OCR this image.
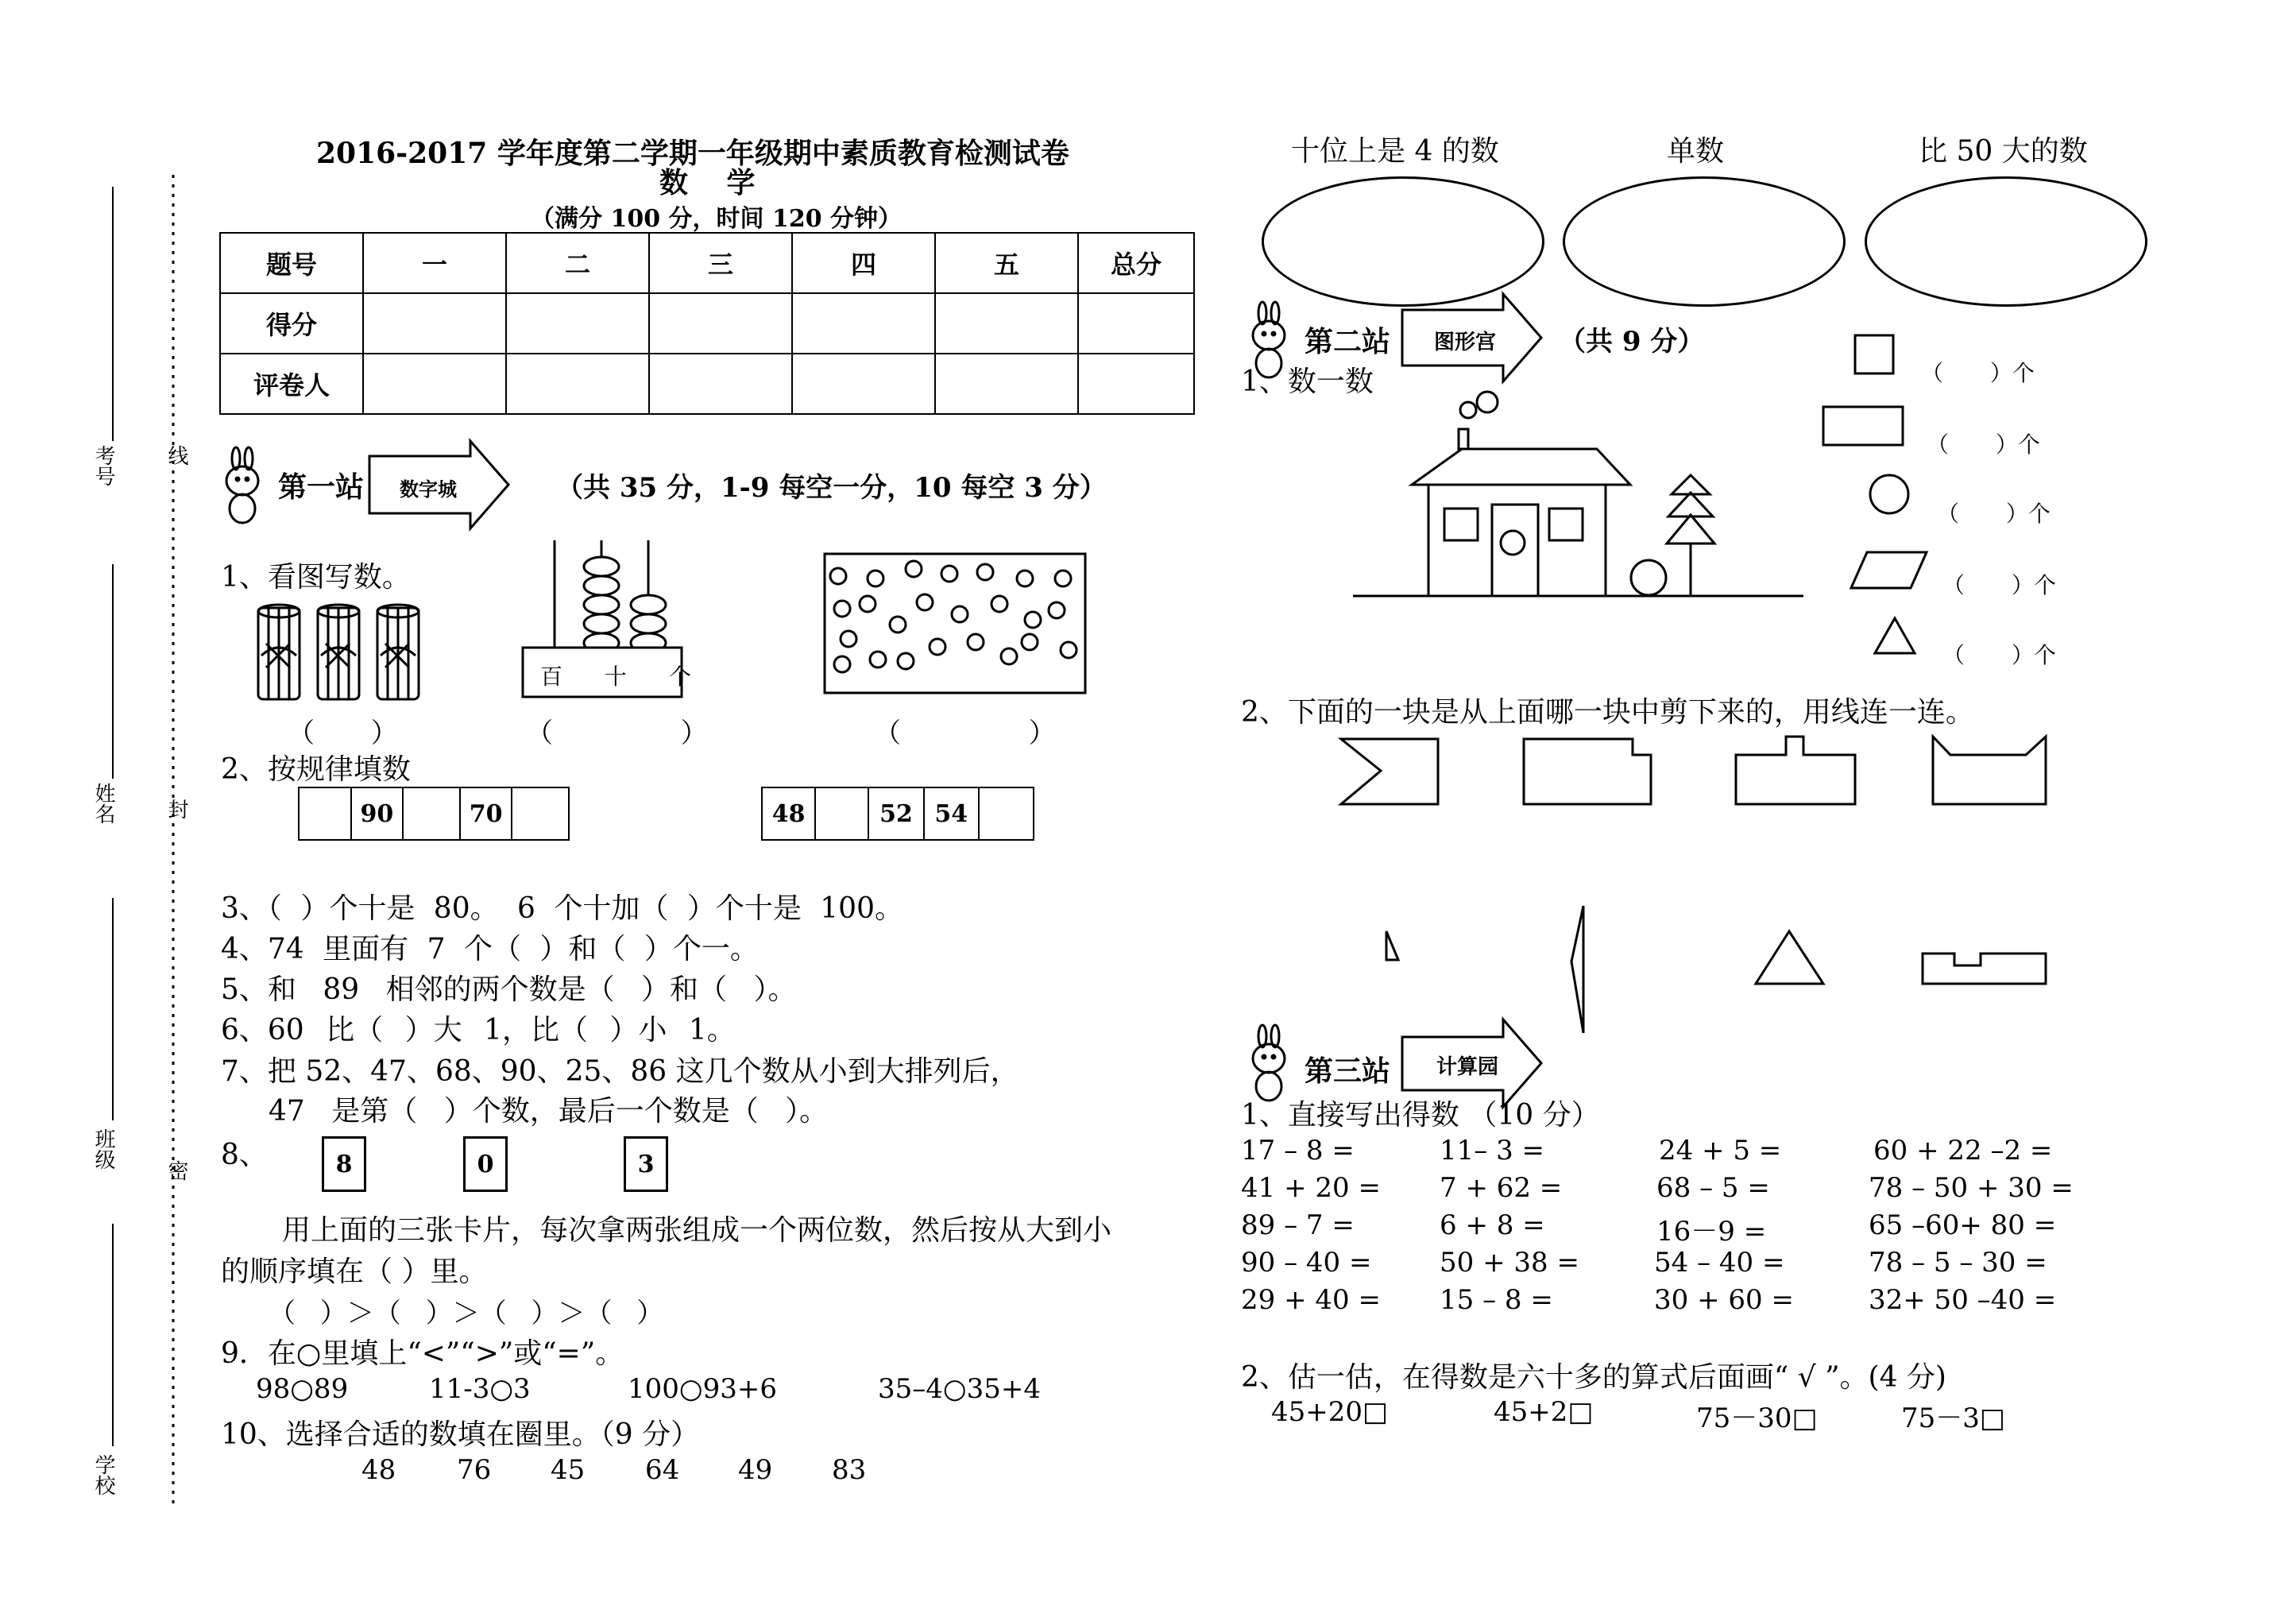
考号
姓名
班级
学校
线
封
密
2016-2017 学年度第二学期一年级期中素质教育检测试卷
数 学
（满分 100 分，时间 120 分钟）
题号	一	二	三	四	五	总分
得分						
评卷人						
第一站 数字城	（共 35 分，1-9 每空一分，10 每空 3 分）
1、看图写数。
百 十 个
（ ）	（ ）	（ ）
2、按规律填数
90	70	48	52 54
3、（ ）个十是 80。 6 个十加（ ）个十是 100。
4、74 里面有 7 个（ ）和（ ）个一。
5、和 89 相邻的两个数是（ ）和（ ）。
6、60 比（ ）大 1，比（ ）小 1。
7、把 52、47、68、90、25、86 这几个数从小到大排列后，
47 是第（ ）个数，最后一个数是（ ）。
8、	8	0	3
用上面的三张卡片，每次拿两张组成一个两位数，然后按从大到小
的顺序填在（ ）里。
（ ）＞（ ）＞（ ）＞（ ）
9．在○里填上“<”“>”或“=”。
98○89	11-3○3	100○93+6	35–4○35+4
10、选择合适的数填在圈里。（9 分）
48 76 45 64 49 83
十位上是 4 的数	单数	比 50 大的数
第二站 图形宫 （共 9 分）
1、数一数	（ ）个
（ ）个
（ ）个
（ ）个
（ ）个
2、下面的一块是从上面哪一块中剪下来的，用线连一连。
第三站 计算园
1、直接写出得数 （10 分）
17 – 8 =	11– 3 =	24 + 5 =	60 + 22 –2 =
41 + 20 = 7 + 62 =	68 – 5 =	78 – 50 + 30 =
89 – 7 =	6 + 8 =	16－9 =	65 –60+ 80 =
90 – 40 =	50 + 38 =	54 – 40 =	78 – 5 – 30 =
29 + 40 = 15 – 8 =	30 + 60 =	32+ 50 –40 =
2、估一估，在得数是六十多的算式后面画“ √ ”。(4 分)
45+20□	45+2□	75－30□	75－3□
